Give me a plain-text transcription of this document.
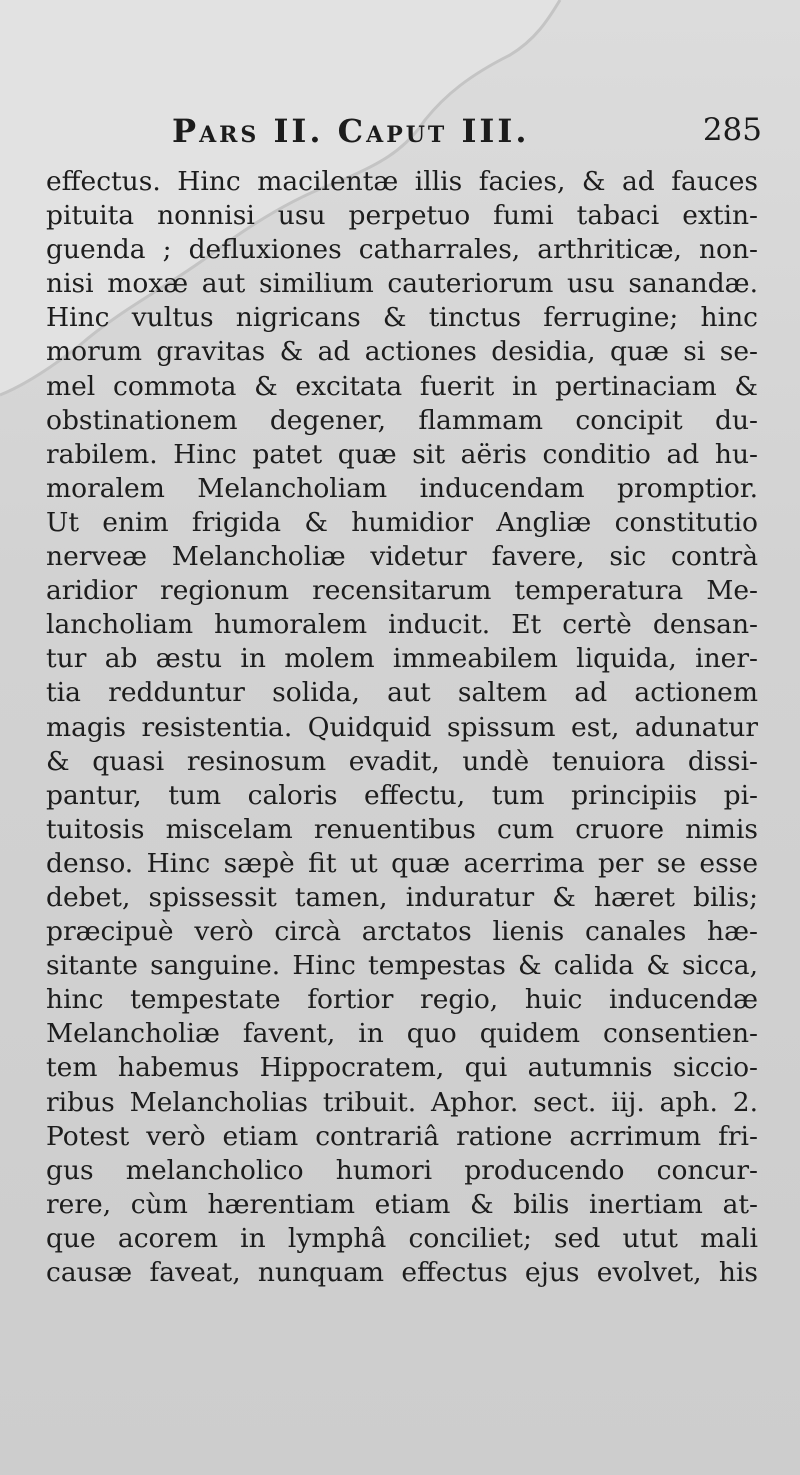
Pars II. Caput III.	285
effectus. Hinc macilentæ illis facies, & ad fauces
pituita nonnisi usu perpetuo fumi tabaci extin-
guenda ; defluxiones catharrales, arthriticæ, non-
nisi moxæ aut similium cauteriorum usu sanandæ.
Hinc vultus nigricans & tinctus ferrugine; hinc
morum gravitas & ad actiones desidia, quæ si se-
mel commota & excitata fuerit in pertinaciam &
obstinationem degener, flammam concipit du-
rabilem. Hinc patet quæ sit aëris conditio ad hu-
moralem Melancholiam inducendam promptior.
Ut enim frigida & humidior Angliæ constitutio
nerveæ Melancholiæ videtur favere, sic contrà
aridior regionum recensitarum temperatura Me-
lancholiam humoralem inducit. Et certè densan-
tur ab æstu in molem immeabilem liquida, iner-
tia redduntur solida, aut saltem ad actionem
magis resistentia. Quidquid spissum est, adunatur
& quasi resinosum evadit, undè tenuiora dissi-
pantur, tum caloris effectu, tum principiis pi-
tuitosis miscelam renuentibus cum cruore nimis
denso. Hinc sæpè fit ut quæ acerrima per se esse
debet, spissessit tamen, induratur & hæret bilis;
præcipuè verò circà arctatos lienis canales hæ-
sitante sanguine. Hinc tempestas & calida & sicca,
hinc tempestate fortior regio, huic inducendæ
Melancholiæ favent, in quo quidem consentien-
tem habemus Hippocratem, qui autumnis siccio-
ribus Melancholias tribuit. Aphor. sect. iij. aph. 2.
Potest verò etiam contrariâ ratione acrrimum fri-
gus melancholico humori producendo concur-
rere, cùm hærentiam etiam & bilis inertiam at-
que acorem in lymphâ conciliet; sed utut mali
causæ faveat, nunquam effectus ejus evolvet, his
